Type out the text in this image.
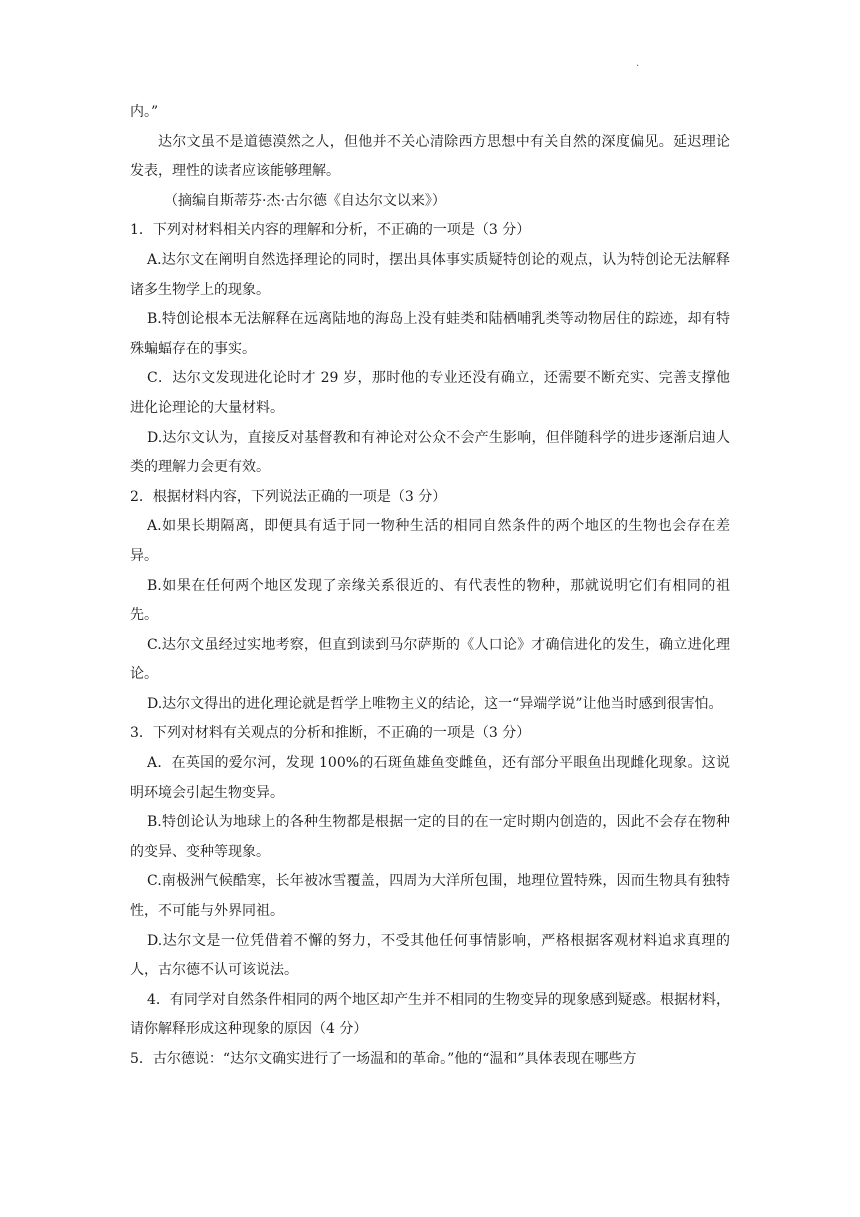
.
内。”
达尔文虽不是道德漠然之人，但他并不关心清除西方思想中有关自然的深度偏见。延迟理论发表，理性的读者应该能够理解。
（摘编自斯蒂芬·杰·古尔德《自达尔文以来》）
1．下列对材料相关内容的理解和分析，不正确的一项是（3 分）
A.达尔文在阐明自然选择理论的同时，摆出具体事实质疑特创论的观点，认为特创论无法解释诸多生物学上的现象。
B.特创论根本无法解释在远离陆地的海岛上没有蛙类和陆栖哺乳类等动物居住的踪迹，却有特殊蝙蝠存在的事实。
C．达尔文发现进化论时才 29 岁，那时他的专业还没有确立，还需要不断充实、完善支撑他进化论理论的大量材料。
D.达尔文认为，直接反对基督教和有神论对公众不会产生影响，但伴随科学的进步逐渐启迪人类的理解力会更有效。
2．根据材料内容，下列说法正确的一项是（3 分）
A.如果长期隔离，即便具有适于同一物种生活的相同自然条件的两个地区的生物也会存在差异。
B.如果在任何两个地区发现了亲缘关系很近的、有代表性的物种，那就说明它们有相同的祖先。
C.达尔文虽经过实地考察，但直到读到马尔萨斯的《人口论》才确信进化的发生，确立进化理论。
D.达尔文得出的进化理论就是哲学上唯物主义的结论，这一“异端学说”让他当时感到很害怕。
3．下列对材料有关观点的分析和推断，不正确的一项是（3 分）
A．在英国的爱尔河，发现 100%的石斑鱼雄鱼变雌鱼，还有部分平眼鱼出现雌化现象。这说明环境会引起生物变异。
B.特创论认为地球上的各种生物都是根据一定的目的在一定时期内创造的，因此不会存在物种的变异、变种等现象。
C.南极洲气候酷寒，长年被冰雪覆盖，四周为大洋所包围，地理位置特殊，因而生物具有独特性，不可能与外界同祖。
D.达尔文是一位凭借着不懈的努力，不受其他任何事情影响，严格根据客观材料追求真理的人，古尔德不认可该说法。
4．有同学对自然条件相同的两个地区却产生并不相同的生物变异的现象感到疑惑。根据材料，请你解释形成这种现象的原因（4 分）
5．古尔德说：“达尔文确实进行了一场温和的革命。”他的“温和”具体表现在哪些方
